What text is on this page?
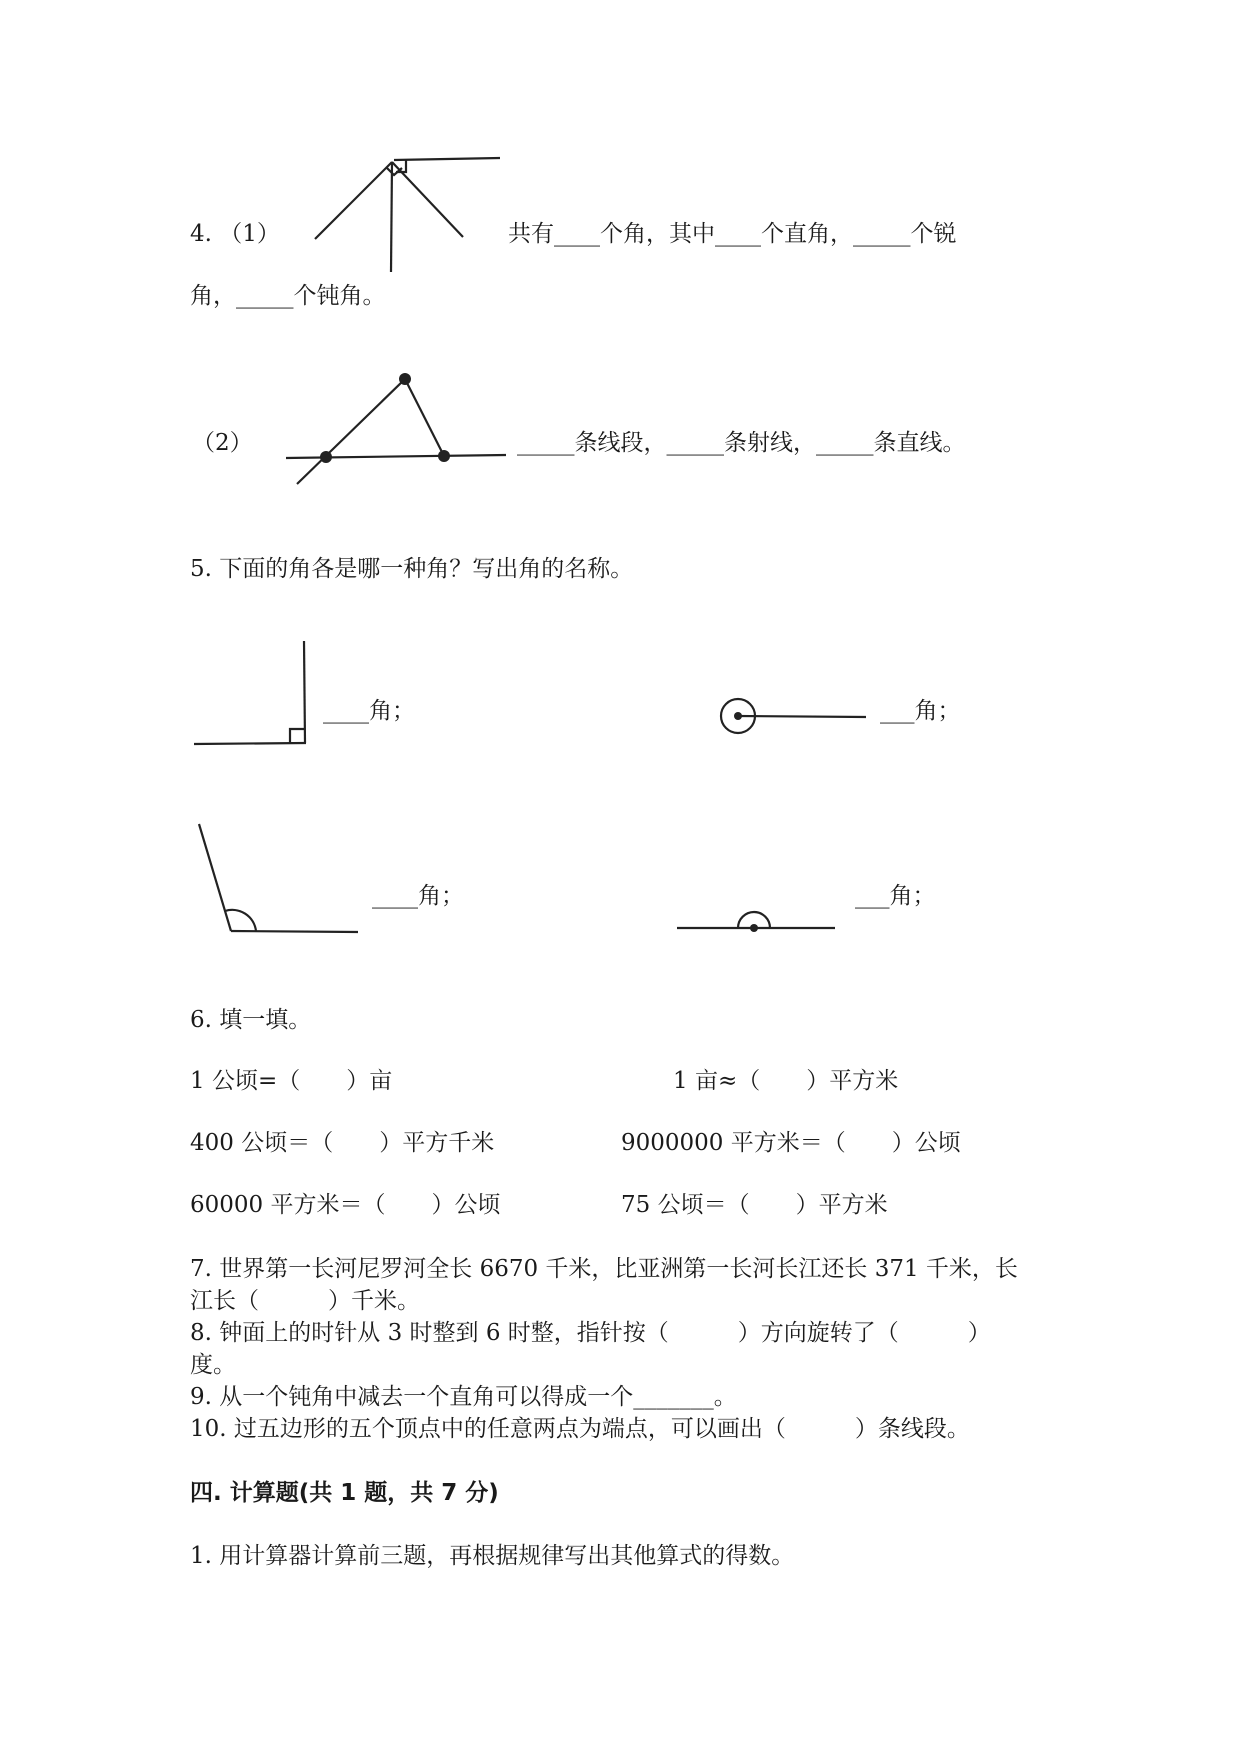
4. （1）	共有____个角，其中____个直角，_____个锐
角，_____个钝角。
（2）	_____条线段，_____条射线，_____条直线。
5. 下面的角各是哪一种角？写出角的名称。
____角；	___角；
____角；	___角；
6. 填一填。
1 公顷=（　　）亩	1 亩≈（　　）平方米
400 公顷＝（　　）平方千米	9000000 平方米＝（　　）公顷
60000 平方米＝（　　）公顷	75 公顷＝（　　）平方米
7. 世界第一长河尼罗河全长 6670 千米，比亚洲第一长河长江还长 371 千米，长
江长（　　　）千米。
8. 钟面上的时针从 3 时整到 6 时整，指针按（　　　）方向旋转了（　　　）
度。
9. 从一个钝角中减去一个直角可以得成一个_______。
10. 过五边形的五个顶点中的任意两点为端点，可以画出（　　　）条线段。
四. 计算题(共 1 题，共 7 分)
1. 用计算器计算前三题，再根据规律写出其他算式的得数。
